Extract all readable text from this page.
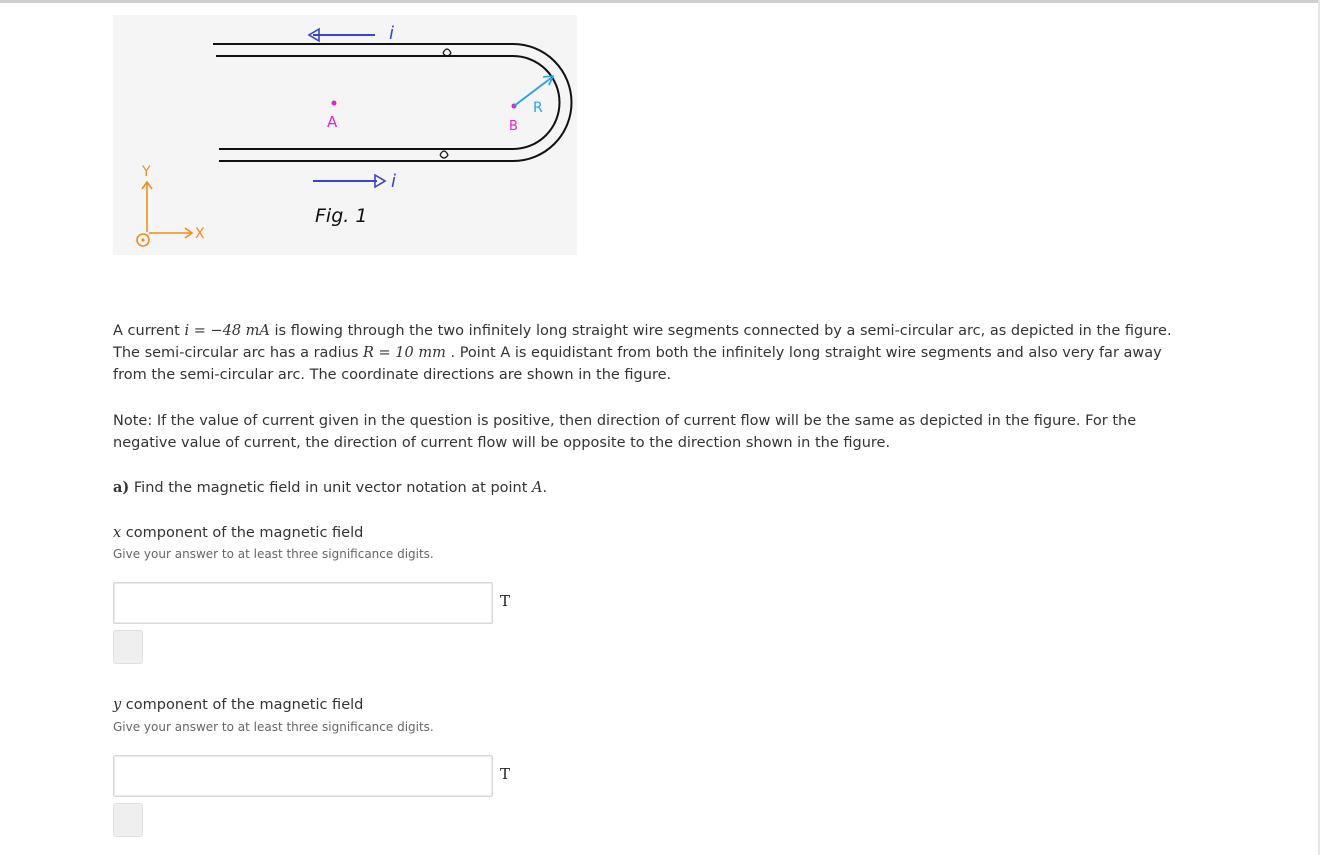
i
i
A	B
R
Fig. 1
Y
X

A current i = −48 mA is flowing through the two infinitely long straight wire segments connected by a semi-circular arc, as depicted in the figure. The semi-circular arc has a radius R = 10 mm . Point A is equidistant from both the infinitely long straight wire segments and also very far away from the semi-circular arc. The coordinate directions are shown in the figure.

Note: If the value of current given in the question is positive, then direction of current flow will be the same as depicted in the figure. For the negative value of current, the direction of current flow will be opposite to the direction shown in the figure.

a) Find the magnetic field in unit vector notation at point A.

x component of the magnetic field
Give your answer to at least three significance digits.
T
y component of the magnetic field
Give your answer to at least three significance digits.
T
